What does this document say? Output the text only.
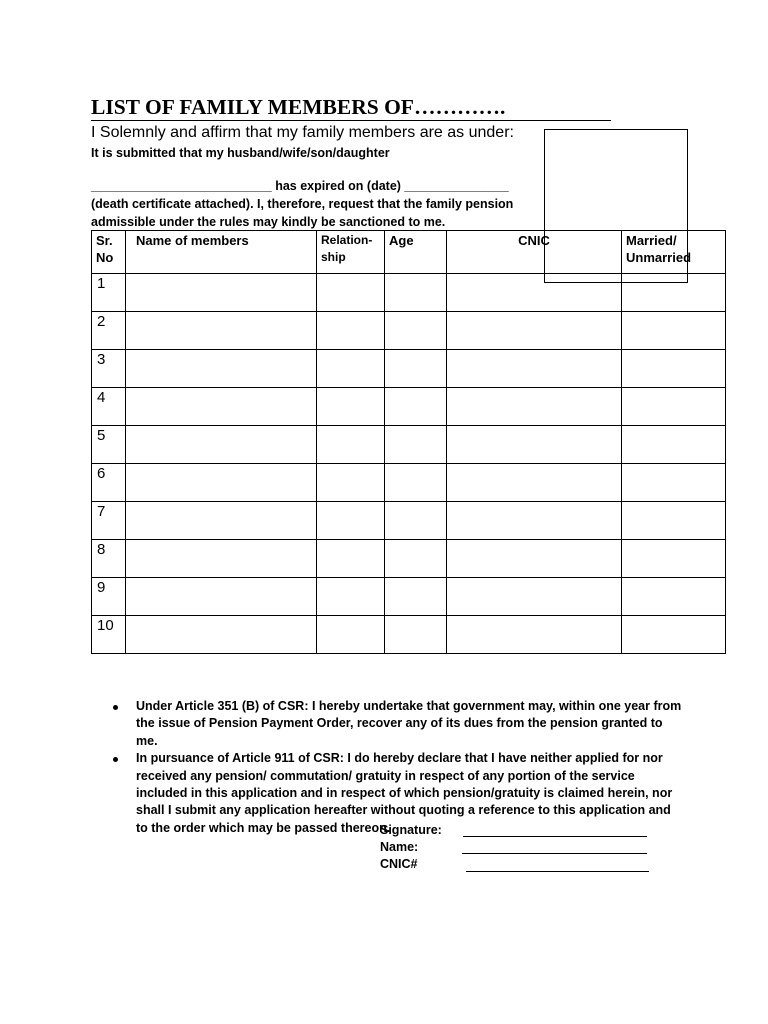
LIST OF FAMILY MEMBERS OF………….
I Solemnly and affirm that my family members are as under:
It is submitted that my husband/wife/son/daughter
__________________________ has expired on (date) _______________
(death certificate attached). I, therefore, request that the family pension
admissible under the rules may kindly be sanctioned to me.
Sr. No	Name of members	Relation-ship	Age	CNIC	Married/ Unmarried
1					
2					
3					
4					
5					
6					
7					
8					
9					
10					
Under Article 351 (B) of CSR: I hereby undertake that government may, within one year from the issue of Pension Payment Order, recover any of its dues from the pension granted to me.
In pursuance of Article 911 of CSR: I do hereby declare that I have neither applied for nor received any pension/ commutation/ gratuity in respect of any portion of the service included in this application and in respect of which pension/gratuity is claimed herein, nor shall I submit any application hereafter without quoting a reference to this application and to the order which may be passed thereon.
Signature:
Name:
CNIC#
